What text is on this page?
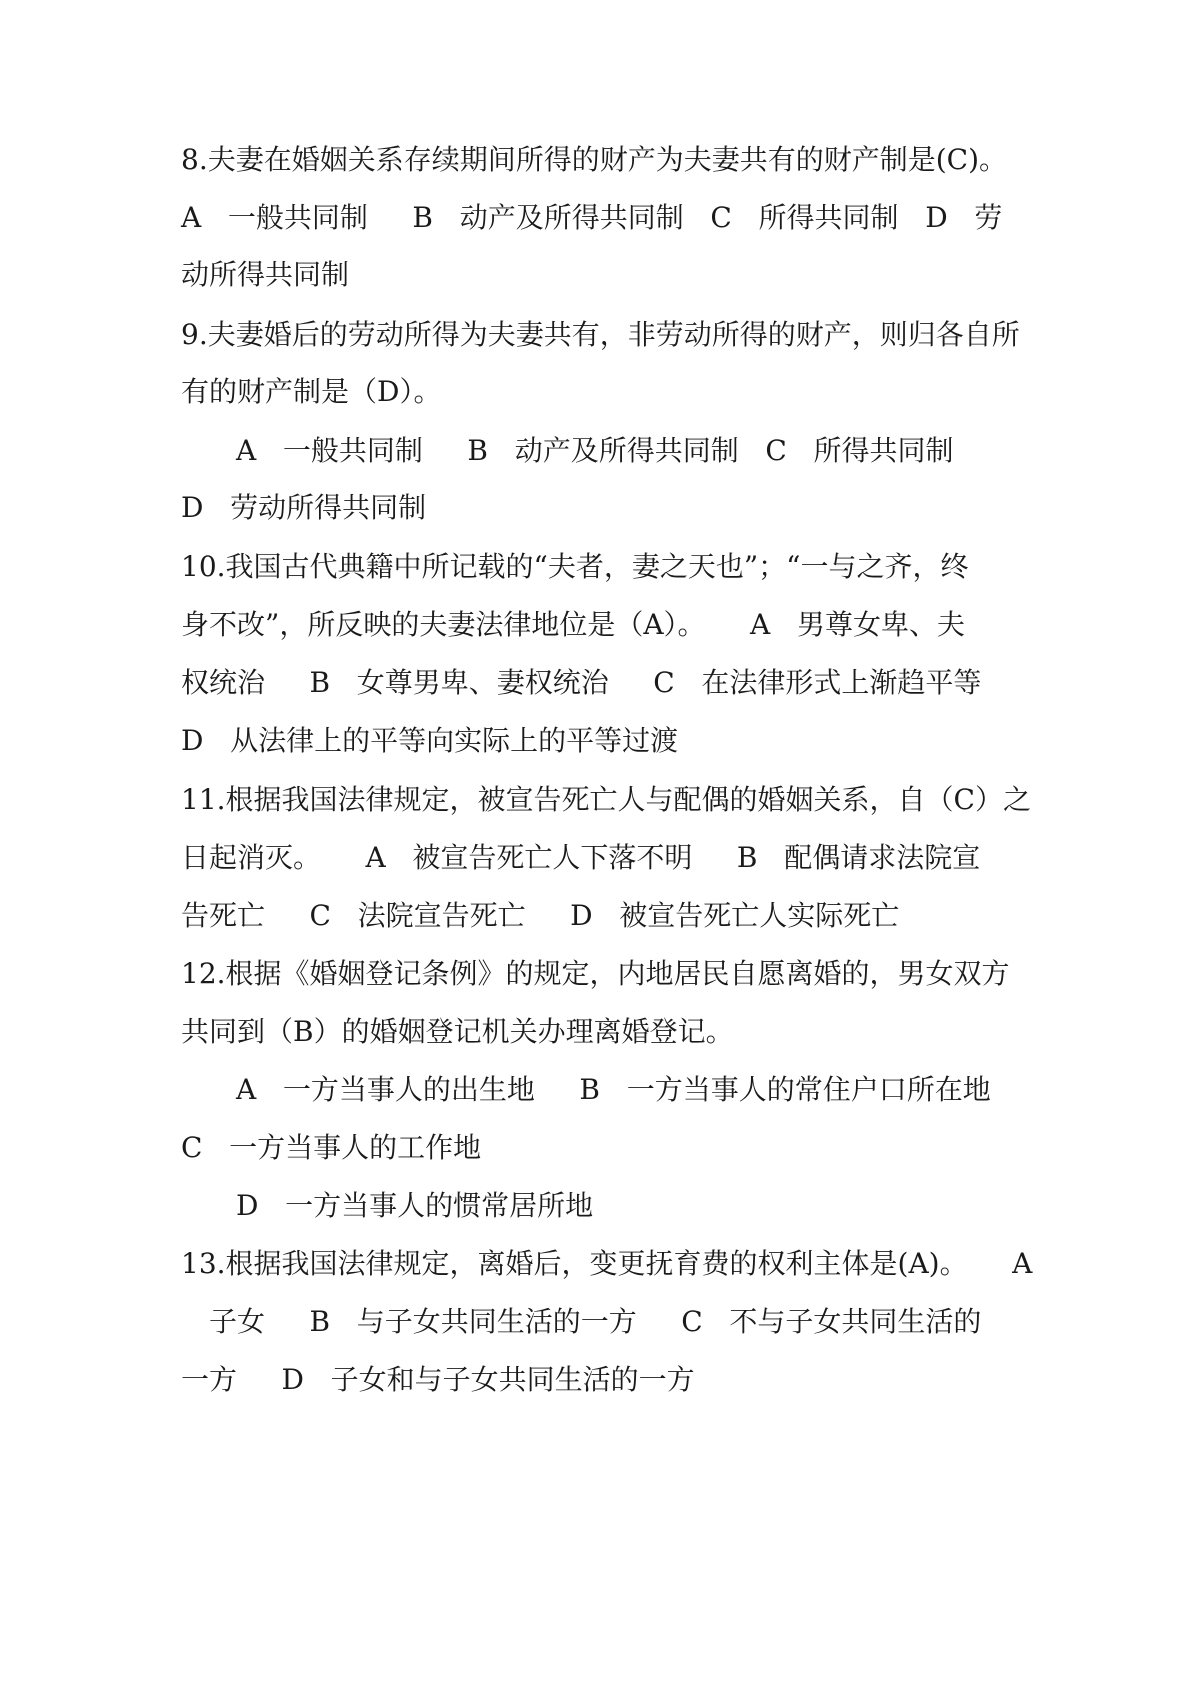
8.夫妻在婚姻关系存续期间所得的财产为夫妻共有的财产制是(C)。
A   一般共同制     B   动产及所得共同制   C   所得共同制   D   劳
动所得共同制
9.夫妻婚后的劳动所得为夫妻共有，非劳动所得的财产，则归各自所
有的财产制是（D）。
A   一般共同制     B   动产及所得共同制   C   所得共同制
D   劳动所得共同制
10.我国古代典籍中所记载的“夫者，妻之天也”；“一与之齐，终
身不改”，所反映的夫妻法律地位是（A）。     A   男尊女卑、夫
权统治     B   女尊男卑、妻权统治     C   在法律形式上渐趋平等
D   从法律上的平等向实际上的平等过渡
11.根据我国法律规定，被宣告死亡人与配偶的婚姻关系，自（C）之
日起消灭。     A   被宣告死亡人下落不明     B   配偶请求法院宣
告死亡     C   法院宣告死亡     D   被宣告死亡人实际死亡
12.根据《婚姻登记条例》的规定，内地居民自愿离婚的，男女双方
共同到（B）的婚姻登记机关办理离婚登记。
A   一方当事人的出生地     B   一方当事人的常住户口所在地
C   一方当事人的工作地
D   一方当事人的惯常居所地
13.根据我国法律规定，离婚后，变更抚育费的权利主体是(A)。     A
子女     B   与子女共同生活的一方     C   不与子女共同生活的
一方     D   子女和与子女共同生活的一方
